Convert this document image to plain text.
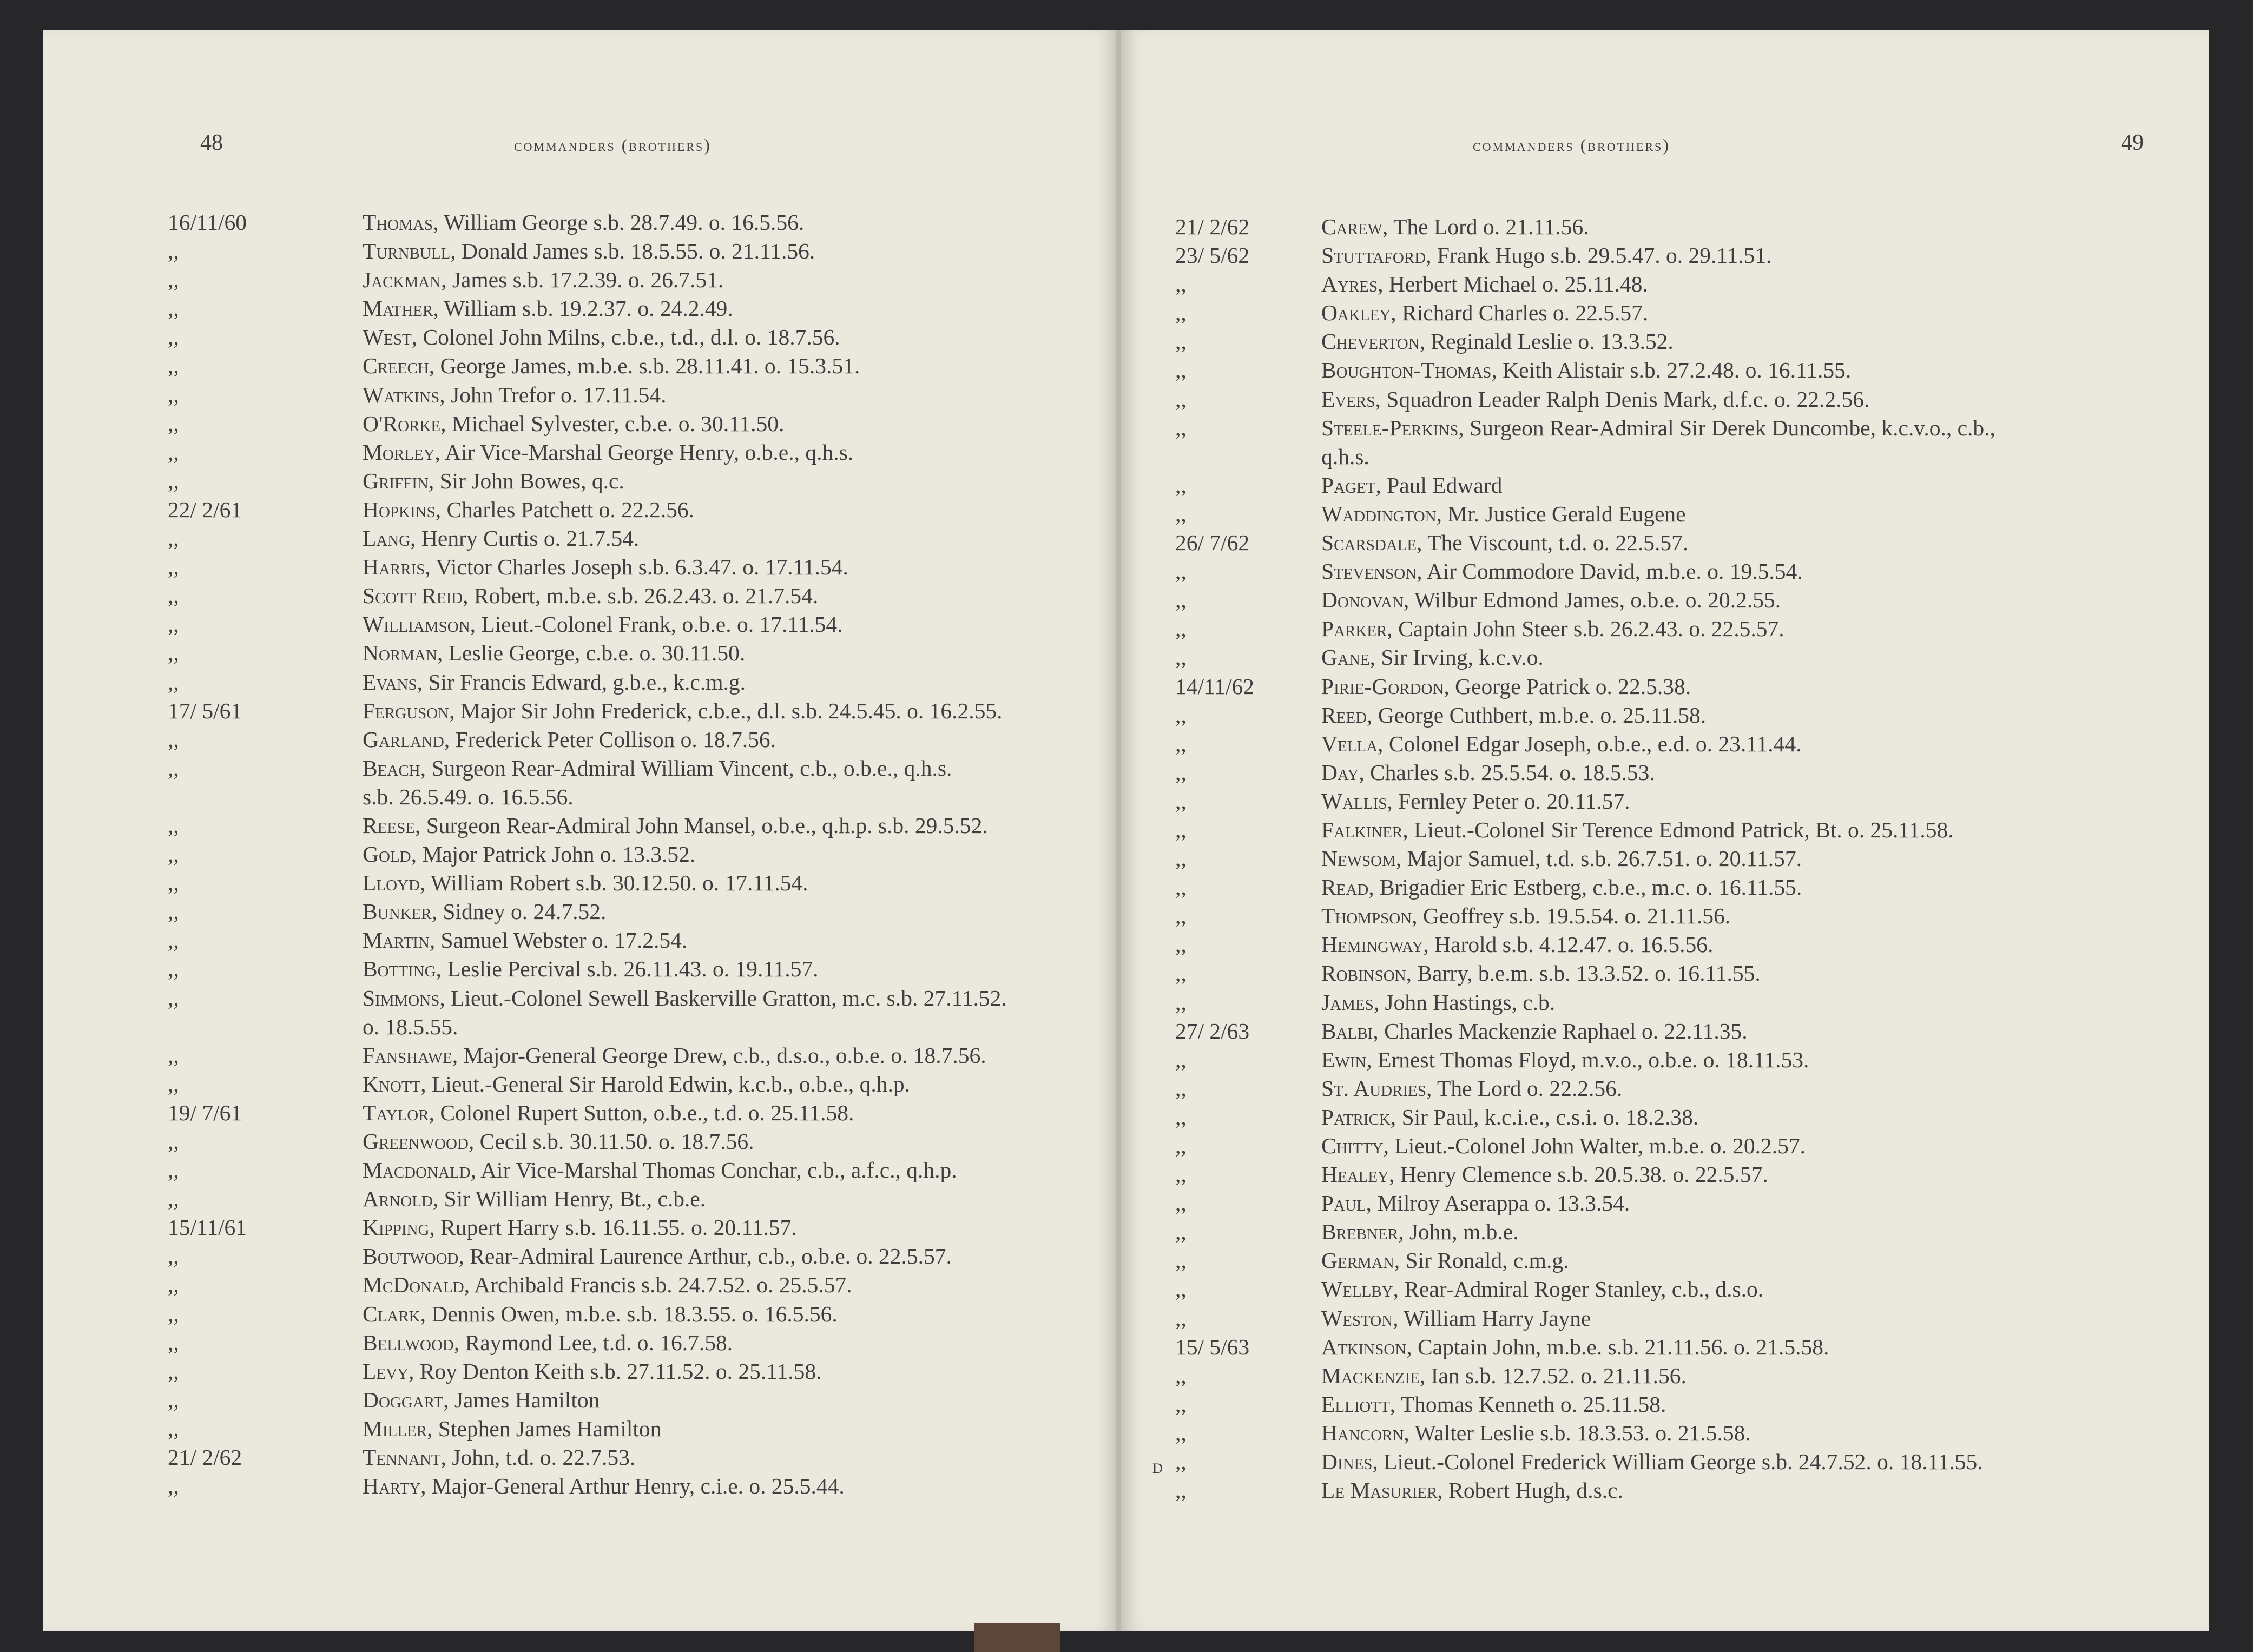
48	commanders (brothers)
16/11/60	Thomas, William George s.b. 28.7.49. o. 16.5.56.
,,	Turnbull, Donald James s.b. 18.5.55. o. 21.11.56.
,,	Jackman, James s.b. 17.2.39. o. 26.7.51.
,,	Mather, William s.b. 19.2.37. o. 24.2.49.
,,	West, Colonel John Milns, c.b.e., t.d., d.l. o. 18.7.56.
,,	Creech, George James, m.b.e. s.b. 28.11.41. o. 15.3.51.
,,	Watkins, John Trefor o. 17.11.54.
,,	O'Rorke, Michael Sylvester, c.b.e. o. 30.11.50.
,,	Morley, Air Vice-Marshal George Henry, o.b.e., q.h.s.
,,	Griffin, Sir John Bowes, q.c.
22/ 2/61	Hopkins, Charles Patchett o. 22.2.56.
,,	Lang, Henry Curtis o. 21.7.54.
,,	Harris, Victor Charles Joseph s.b. 6.3.47. o. 17.11.54.
,,	Scott Reid, Robert, m.b.e. s.b. 26.2.43. o. 21.7.54.
,,	Williamson, Lieut.-Colonel Frank, o.b.e. o. 17.11.54.
,,	Norman, Leslie George, c.b.e. o. 30.11.50.
,,	Evans, Sir Francis Edward, g.b.e., k.c.m.g.
17/ 5/61	Ferguson, Major Sir John Frederick, c.b.e., d.l. s.b. 24.5.45. o. 16.2.55.
,,	Garland, Frederick Peter Collison o. 18.7.56.
,,	Beach, Surgeon Rear-Admiral William Vincent, c.b., o.b.e., q.h.s.
s.b. 26.5.49. o. 16.5.56.
,,	Reese, Surgeon Rear-Admiral John Mansel, o.b.e., q.h.p. s.b. 29.5.52.
,,	Gold, Major Patrick John o. 13.3.52.
,,	Lloyd, William Robert s.b. 30.12.50. o. 17.11.54.
,,	Bunker, Sidney o. 24.7.52.
,,	Martin, Samuel Webster o. 17.2.54.
,,	Botting, Leslie Percival s.b. 26.11.43. o. 19.11.57.
,,	Simmons, Lieut.-Colonel Sewell Baskerville Gratton, m.c. s.b. 27.11.52.
o. 18.5.55.
,,	Fanshawe, Major-General George Drew, c.b., d.s.o., o.b.e. o. 18.7.56.
,,	Knott, Lieut.-General Sir Harold Edwin, k.c.b., o.b.e., q.h.p.
19/ 7/61	Taylor, Colonel Rupert Sutton, o.b.e., t.d. o. 25.11.58.
,,	Greenwood, Cecil s.b. 30.11.50. o. 18.7.56.
,,	Macdonald, Air Vice-Marshal Thomas Conchar, c.b., a.f.c., q.h.p.
,,	Arnold, Sir William Henry, Bt., c.b.e.
15/11/61	Kipping, Rupert Harry s.b. 16.11.55. o. 20.11.57.
,,	Boutwood, Rear-Admiral Laurence Arthur, c.b., o.b.e. o. 22.5.57.
,,	McDonald, Archibald Francis s.b. 24.7.52. o. 25.5.57.
,,	Clark, Dennis Owen, m.b.e. s.b. 18.3.55. o. 16.5.56.
,,	Bellwood, Raymond Lee, t.d. o. 16.7.58.
,,	Levy, Roy Denton Keith s.b. 27.11.52. o. 25.11.58.
,,	Doggart, James Hamilton
,,	Miller, Stephen James Hamilton
21/ 2/62	Tennant, John, t.d. o. 22.7.53.
,,	Harty, Major-General Arthur Henry, c.i.e. o. 25.5.44.
49
commanders (brothers)
21/ 2/62	Carew, The Lord o. 21.11.56.
23/ 5/62	Stuttaford, Frank Hugo s.b. 29.5.47. o. 29.11.51.
,,	Ayres, Herbert Michael o. 25.11.48.
,,	Oakley, Richard Charles o. 22.5.57.
,,	Cheverton, Reginald Leslie o. 13.3.52.
,,	Boughton-Thomas, Keith Alistair s.b. 27.2.48. o. 16.11.55.
,,	Evers, Squadron Leader Ralph Denis Mark, d.f.c. o. 22.2.56.
,,	Steele-Perkins, Surgeon Rear-Admiral Sir Derek Duncombe, k.c.v.o., c.b.,
q.h.s.
,,	Paget, Paul Edward
,,	Waddington, Mr. Justice Gerald Eugene
26/ 7/62	Scarsdale, The Viscount, t.d. o. 22.5.57.
,,	Stevenson, Air Commodore David, m.b.e. o. 19.5.54.
,,	Donovan, Wilbur Edmond James, o.b.e. o. 20.2.55.
,,	Parker, Captain John Steer s.b. 26.2.43. o. 22.5.57.
,,	Gane, Sir Irving, k.c.v.o.
14/11/62	Pirie-Gordon, George Patrick o. 22.5.38.
,,	Reed, George Cuthbert, m.b.e. o. 25.11.58.
,,	Vella, Colonel Edgar Joseph, o.b.e., e.d. o. 23.11.44.
,,	Day, Charles s.b. 25.5.54. o. 18.5.53.
,,	Wallis, Fernley Peter o. 20.11.57.
,,	Falkiner, Lieut.-Colonel Sir Terence Edmond Patrick, Bt. o. 25.11.58.
,,	Newsom, Major Samuel, t.d. s.b. 26.7.51. o. 20.11.57.
,,	Read, Brigadier Eric Estberg, c.b.e., m.c. o. 16.11.55.
,,	Thompson, Geoffrey s.b. 19.5.54. o. 21.11.56.
,,	Hemingway, Harold s.b. 4.12.47. o. 16.5.56.
,,	Robinson, Barry, b.e.m. s.b. 13.3.52. o. 16.11.55.
,,	James, John Hastings, c.b.
27/ 2/63	Balbi, Charles Mackenzie Raphael o. 22.11.35.
,,	Ewin, Ernest Thomas Floyd, m.v.o., o.b.e. o. 18.11.53.
,,	St. Audries, The Lord o. 22.2.56.
,,	Patrick, Sir Paul, k.c.i.e., c.s.i. o. 18.2.38.
,,	Chitty, Lieut.-Colonel John Walter, m.b.e. o. 20.2.57.
,,	Healey, Henry Clemence s.b. 20.5.38. o. 22.5.57.
,,	Paul, Milroy Aserappa o. 13.3.54.
,,	Brebner, John, m.b.e.
,,	German, Sir Ronald, c.m.g.
,,	Wellby, Rear-Admiral Roger Stanley, c.b., d.s.o.
,,	Weston, William Harry Jayne
15/ 5/63	Atkinson, Captain John, m.b.e. s.b. 21.11.56. o. 21.5.58.
,,	Mackenzie, Ian s.b. 12.7.52. o. 21.11.56.
,,	Elliott, Thomas Kenneth o. 25.11.58.
,,	Hancorn, Walter Leslie s.b. 18.3.53. o. 21.5.58.
,,	Dines, Lieut.-Colonel Frederick William George s.b. 24.7.52. o. 18.11.55.
,,	Le Masurier, Robert Hugh, d.s.c.
D
